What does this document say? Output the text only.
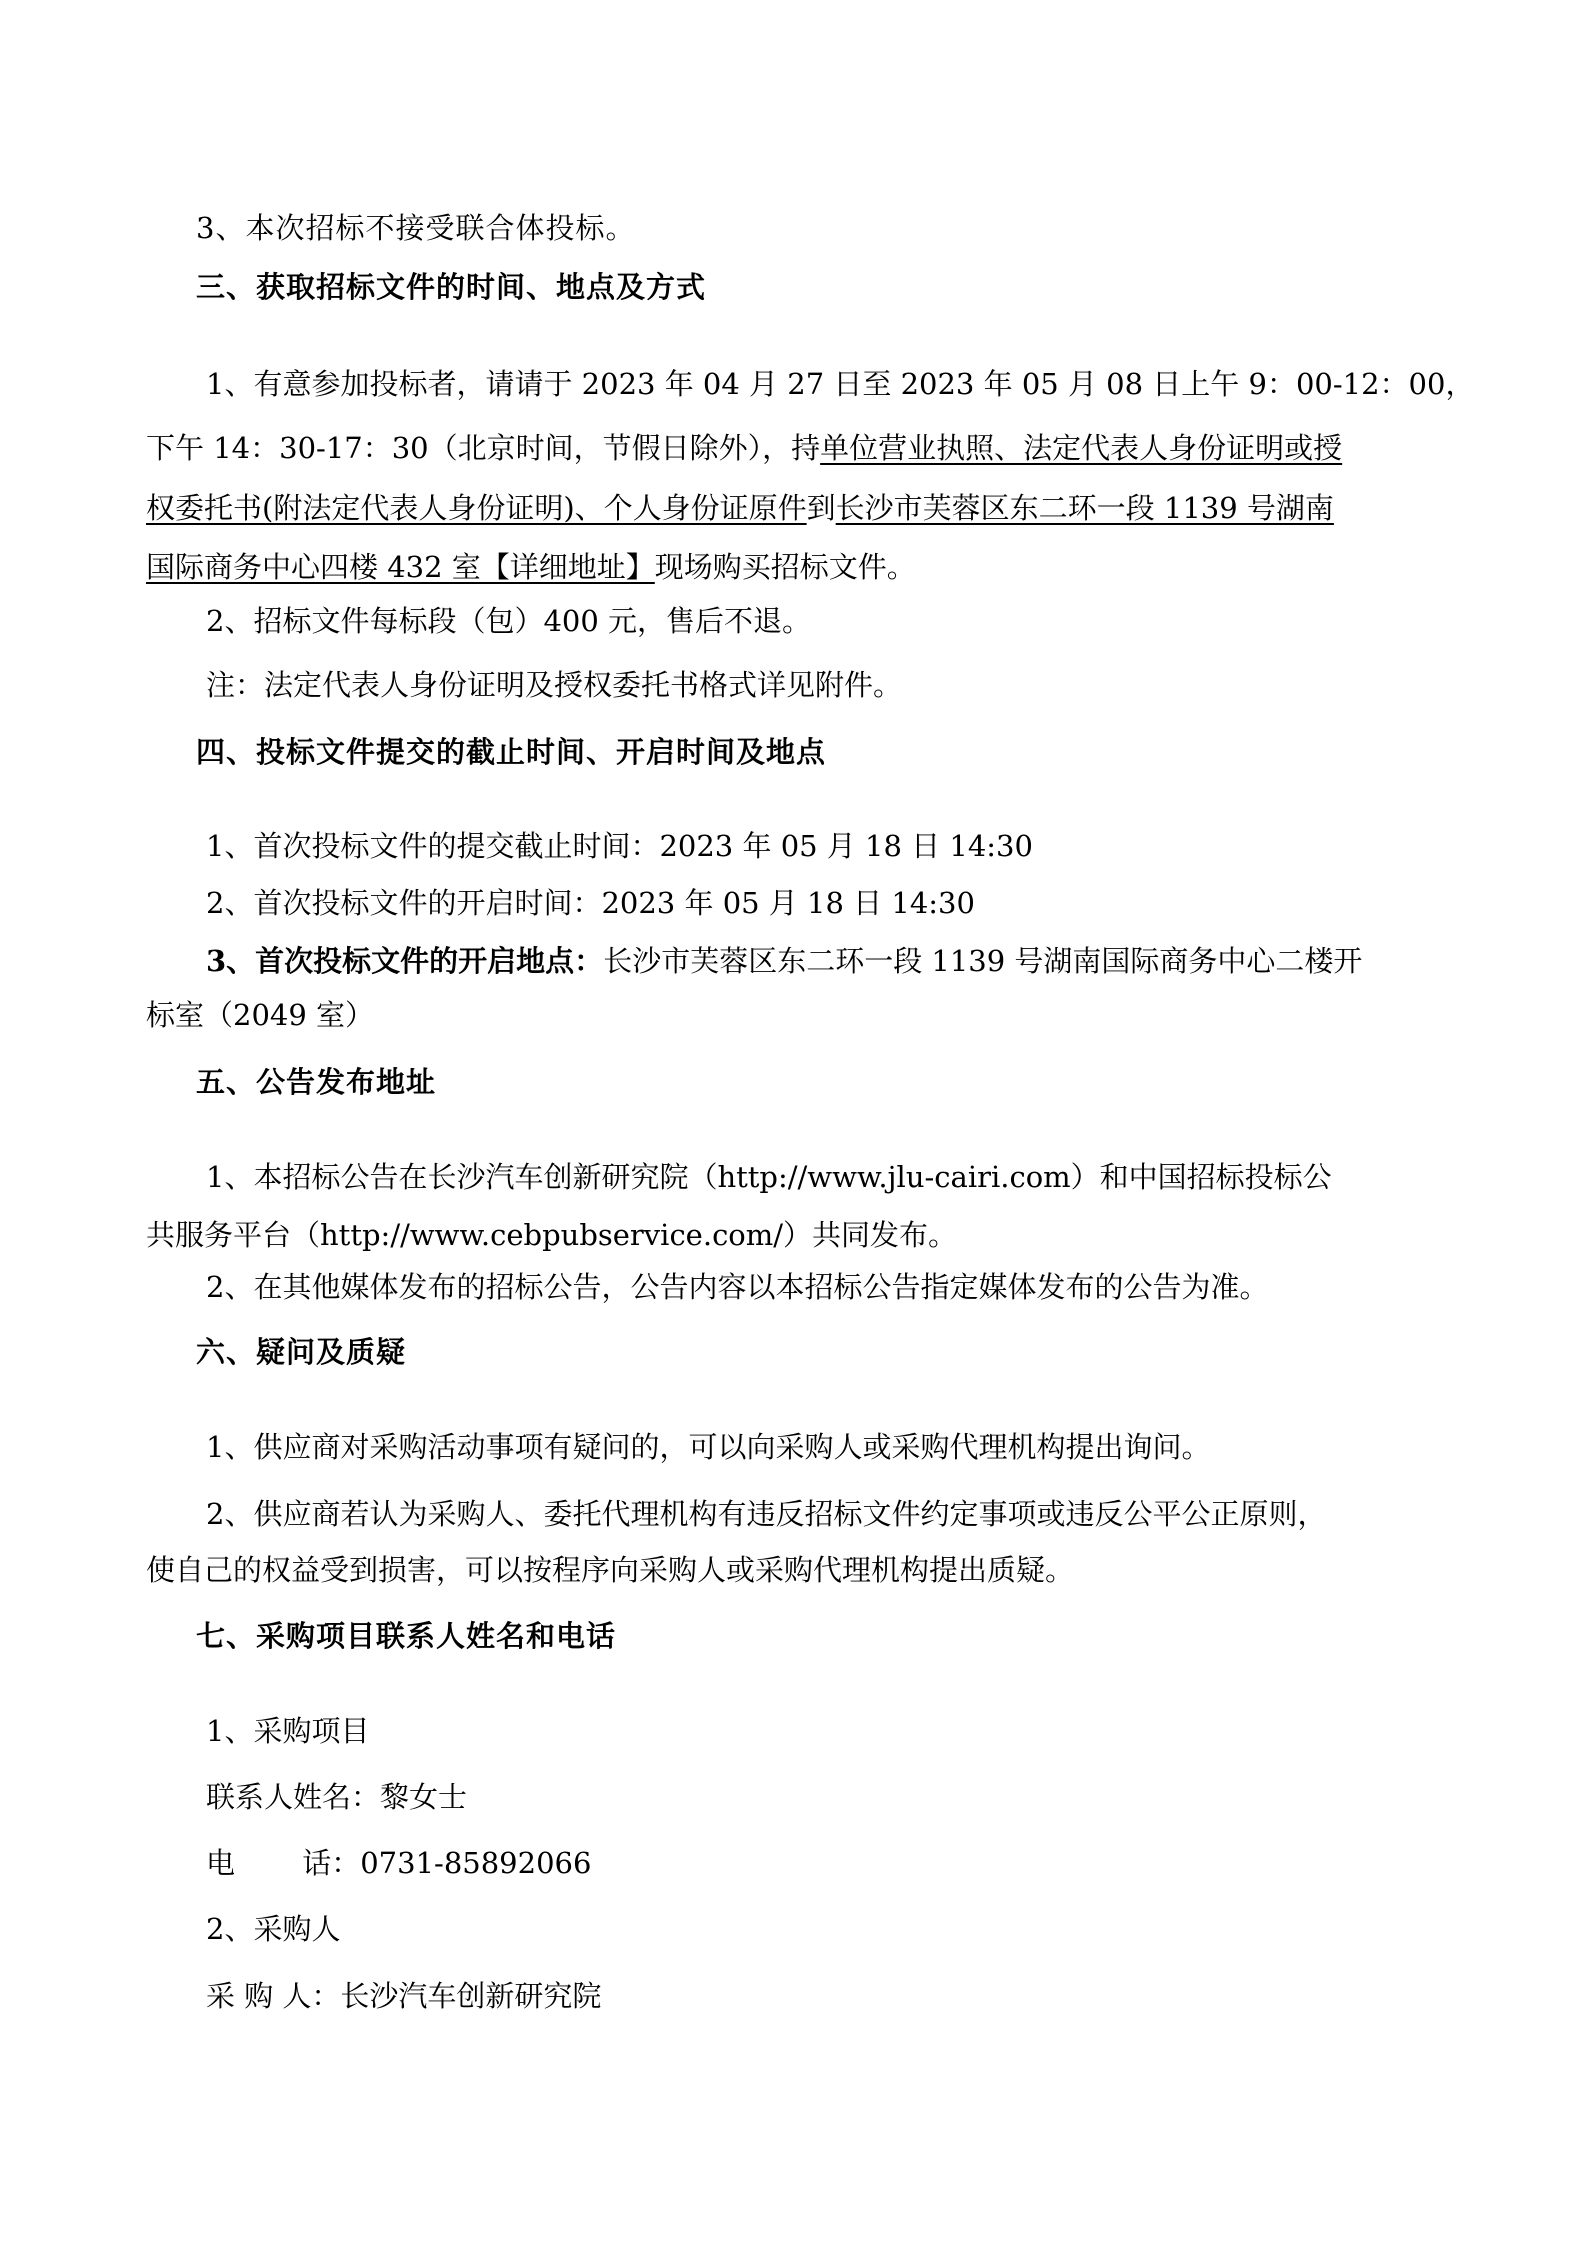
3、本次招标不接受联合体投标。
三、获取招标文件的时间、地点及方式
1、有意参加投标者，请请于 2023 年 04 月 27 日至 2023 年 05 月 08 日上午 9：00-12：00，
下午 14：30-17：30（北京时间，节假日除外），持单位营业执照、法定代表人身份证明或授
权委托书(附法定代表人身份证明)、个人身份证原件到长沙市芙蓉区东二环一段 1139 号湖南
国际商务中心四楼 432 室【详细地址】现场购买招标文件。
2、招标文件每标段（包）400 元，售后不退。
注：法定代表人身份证明及授权委托书格式详见附件。
四、投标文件提交的截止时间、开启时间及地点
1、首次投标文件的提交截止时间：2023 年 05 月 18 日 14:30
2、首次投标文件的开启时间：2023 年 05 月 18 日 14:30
3、首次投标文件的开启地点：长沙市芙蓉区东二环一段 1139 号湖南国际商务中心二楼开
标室（2049 室）
五、公告发布地址
1、本招标公告在长沙汽车创新研究院（http://www.jlu-cairi.com）和中国招标投标公
共服务平台（http://www.cebpubservice.com/）共同发布。
2、在其他媒体发布的招标公告，公告内容以本招标公告指定媒体发布的公告为准。
六、疑问及质疑
1、供应商对采购活动事项有疑问的，可以向采购人或采购代理机构提出询问。
2、供应商若认为采购人、委托代理机构有违反招标文件约定事项或违反公平公正原则，
使自己的权益受到损害，可以按程序向采购人或采购代理机构提出质疑。
七、采购项目联系人姓名和电话
1、采购项目
联系人姓名：黎女士
电　　 话：0731-85892066
2、采购人
采 购 人：长沙汽车创新研究院
